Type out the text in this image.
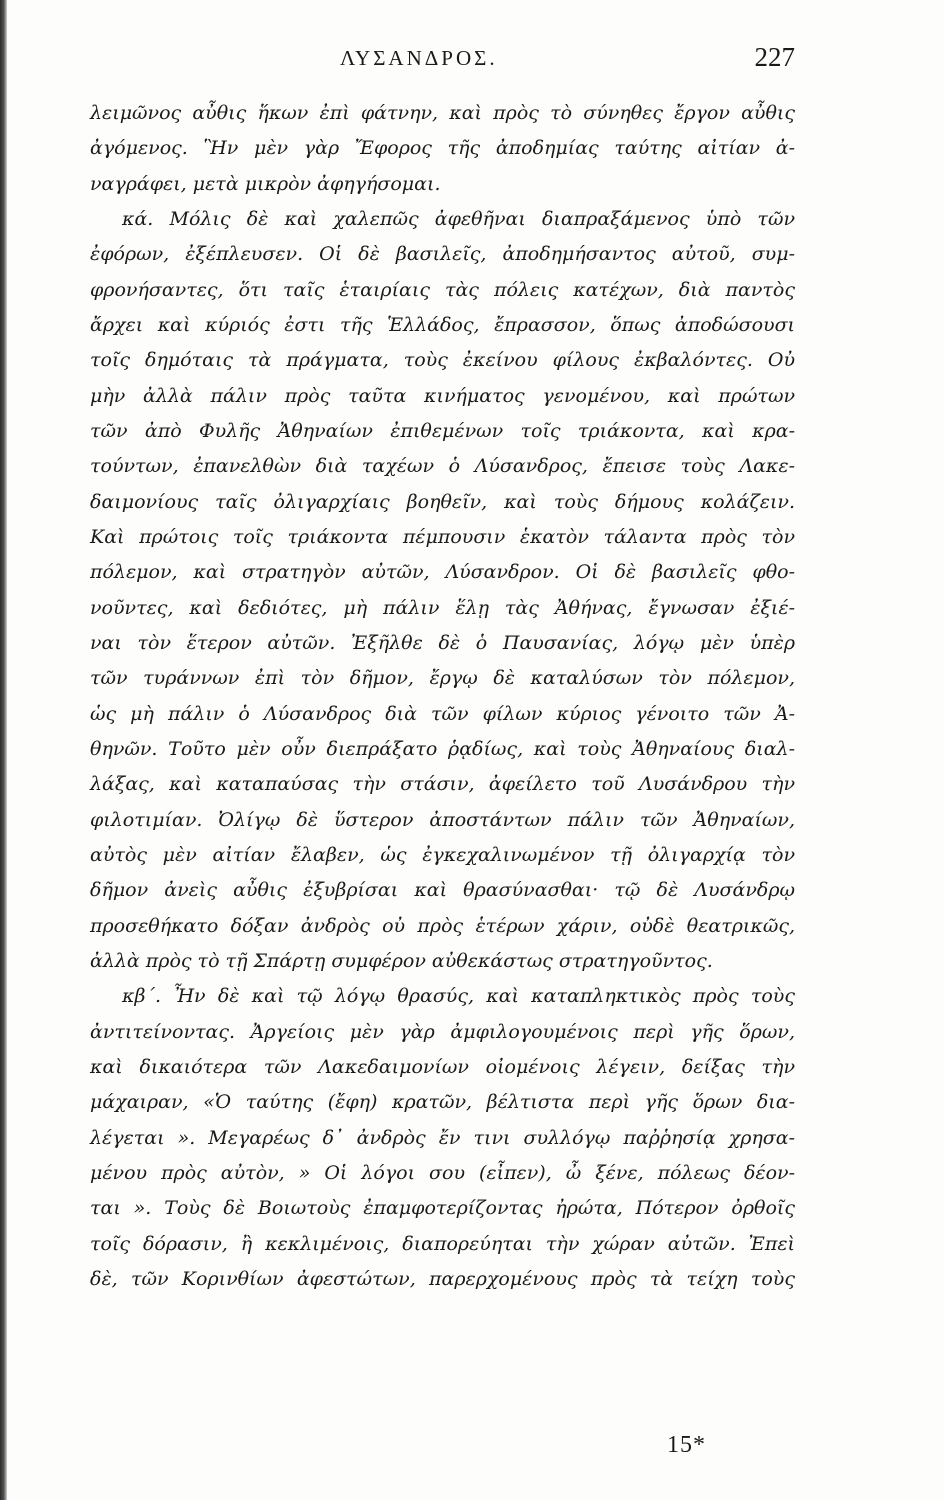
ΛΥΣΑΝΔΡΟΣ.	227
λειμῶνος αὖθις ἥκων ἐπὶ φάτνην, καὶ πρὸς τὸ σύνηθες ἔργον αὖθις
ἀγόμενος. Ἣν μὲν γὰρ Ἔφορος τῆς ἀποδημίας ταύτης αἰτίαν ἀ-
ναγράφει, μετὰ μικρὸν ἀφηγήσομαι.
κά. Μόλις δὲ καὶ χαλεπῶς ἀφεθῆναι διαπραξάμενος ὑπὸ τῶν
ἐφόρων, ἐξέπλευσεν. Οἱ δὲ βασιλεῖς, ἀποδημήσαντος αὐτοῦ, συμ-
φρονήσαντες, ὅτι ταῖς ἑταιρίαις τὰς πόλεις κατέχων, διὰ παντὸς
ἄρχει καὶ κύριός ἐστι τῆς Ἑλλάδος, ἔπρασσον, ὅπως ἀποδώσουσι
τοῖς δημόταις τὰ πράγματα, τοὺς ἐκείνου φίλους ἐκβαλόντες. Οὐ
μὴν ἀλλὰ πάλιν πρὸς ταῦτα κινήματος γενομένου, καὶ πρώτων
τῶν ἀπὸ Φυλῆς Ἀθηναίων ἐπιθεμένων τοῖς τριάκοντα, καὶ κρα-
τούντων, ἐπανελθὼν διὰ ταχέων ὁ Λύσανδρος, ἔπεισε τοὺς Λακε-
δαιμονίους ταῖς ὀλιγαρχίαις βοηθεῖν, καὶ τοὺς δήμους κολάζειν.
Καὶ πρώτοις τοῖς τριάκοντα πέμπουσιν ἑκατὸν τάλαντα πρὸς τὸν
πόλεμον, καὶ στρατηγὸν αὐτῶν, Λύσανδρον. Οἱ δὲ βασιλεῖς φθο-
νοῦντες, καὶ δεδιότες, μὴ πάλιν ἕλῃ τὰς Ἀθήνας, ἔγνωσαν ἐξιέ-
ναι τὸν ἕτερον αὐτῶν. Ἐξῆλθε δὲ ὁ Παυσανίας, λόγῳ μὲν ὑπὲρ
τῶν τυράννων ἐπὶ τὸν δῆμον, ἔργῳ δὲ καταλύσων τὸν πόλεμον,
ὡς μὴ πάλιν ὁ Λύσανδρος διὰ τῶν φίλων κύριος γένοιτο τῶν Ἀ-
θηνῶν. Τοῦτο μὲν οὖν διεπράξατο ῥᾳδίως, καὶ τοὺς Ἀθηναίους διαλ-
λάξας, καὶ καταπαύσας τὴν στάσιν, ἀφείλετο τοῦ Λυσάνδρου τὴν
φιλοτιμίαν. Ὀλίγῳ δὲ ὕστερον ἀποστάντων πάλιν τῶν Ἀθηναίων,
αὐτὸς μὲν αἰτίαν ἔλαβεν, ὡς ἐγκεχαλινωμένον τῇ ὀλιγαρχίᾳ τὸν
δῆμον ἀνεὶς αὖθις ἐξυβρίσαι καὶ θρασύνασθαι· τῷ δὲ Λυσάνδρῳ
προσεθήκατο δόξαν ἀνδρὸς οὐ πρὸς ἑτέρων χάριν, οὐδὲ θεατρικῶς,
ἀλλὰ πρὸς τὸ τῇ Σπάρτῃ συμφέρον αὐθεκάστως στρατηγοῦντος.
κβ΄. Ἦν δὲ καὶ τῷ λόγῳ θρασύς, καὶ καταπληκτικὸς πρὸς τοὺς
ἀντιτείνοντας. Ἀργείοις μὲν γὰρ ἀμφιλογουμένοις περὶ γῆς ὅρων,
καὶ δικαιότερα τῶν Λακεδαιμονίων οἰομένοις λέγειν, δείξας τὴν
μάχαιραν, «Ὁ ταύτης (ἔφη) κρατῶν, βέλτιστα περὶ γῆς ὅρων δια-
λέγεται ». Μεγαρέως δ᾽ ἀνδρὸς ἔν τινι συλλόγῳ παῤῥησίᾳ χρησα-
μένου πρὸς αὐτὸν, » Οἱ λόγοι σου (εἶπεν), ὦ ξένε, πόλεως δέον-
ται ». Τοὺς δὲ Βοιωτοὺς ἐπαμφοτερίζοντας ἠρώτα, Πότερον ὀρθοῖς
τοῖς δόρασιν, ἢ κεκλιμένοις, διαπορεύηται τὴν χώραν αὐτῶν. Ἐπεὶ
δὲ, τῶν Κορινθίων ἀφεστώτων, παρερχομένους πρὸς τὰ τείχη τοὺς
15*
